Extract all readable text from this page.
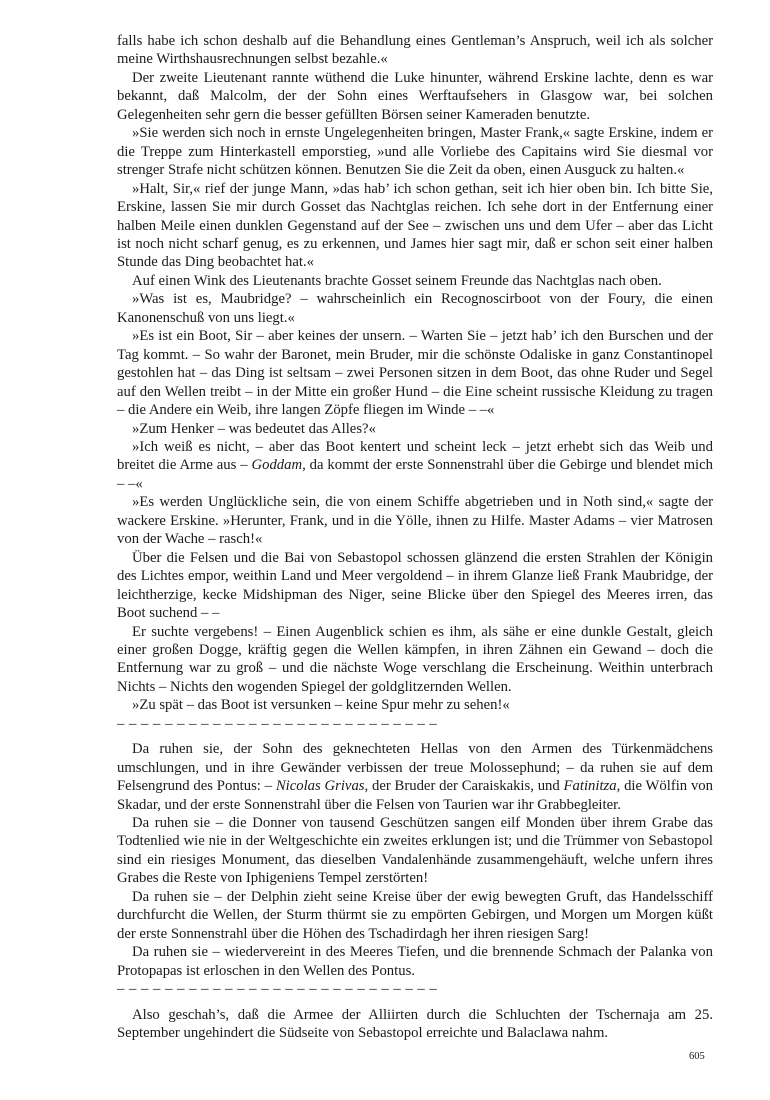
falls habe ich schon deshalb auf die Behandlung eines Gentleman’s Anspruch, weil ich als solcher meine Wirthshausrechnungen selbst bezahle.«

Der zweite Lieutenant rannte wüthend die Luke hinunter, während Erskine lachte, denn es war bekannt, daß Malcolm, der der Sohn eines Werftaufsehers in Glasgow war, bei solchen Gelegenheiten sehr gern die besser gefüllten Börsen seiner Kameraden benutzte.

»Sie werden sich noch in ernste Ungelegenheiten bringen, Master Frank,« sagte Erskine, indem er die Treppe zum Hinterkastell emporstieg, »und alle Vorliebe des Capitains wird Sie diesmal vor strenger Strafe nicht schützen können. Benutzen Sie die Zeit da oben, einen Ausguck zu halten.«

»Halt, Sir,« rief der junge Mann, »das hab’ ich schon gethan, seit ich hier oben bin. Ich bitte Sie, Erskine, lassen Sie mir durch Gosset das Nachtglas reichen. Ich sehe dort in der Entfernung einer halben Meile einen dunklen Gegenstand auf der See – zwischen uns und dem Ufer – aber das Licht ist noch nicht scharf genug, es zu erkennen, und James hier sagt mir, daß er schon seit einer halben Stunde das Ding beobachtet hat.«

Auf einen Wink des Lieutenants brachte Gosset seinem Freunde das Nachtglas nach oben.

»Was ist es, Maubridge? – wahrscheinlich ein Recognoscirboot von der Foury, die einen Kanonenschuß von uns liegt.«

»Es ist ein Boot, Sir – aber keines der unsern. – Warten Sie – jetzt hab’ ich den Burschen und der Tag kommt. – So wahr der Baronet, mein Bruder, mir die schönste Odaliske in ganz Constantinopel gestohlen hat – das Ding ist seltsam – zwei Personen sitzen in dem Boot, das ohne Ruder und Segel auf den Wellen treibt – in der Mitte ein großer Hund – die Eine scheint russische Kleidung zu tragen – die Andere ein Weib, ihre langen Zöpfe fliegen im Winde – –«

»Zum Henker – was bedeutet das Alles?«

»Ich weiß es nicht, – aber das Boot kentert und scheint leck – jetzt erhebt sich das Weib und breitet die Arme aus – Goddam, da kommt der erste Sonnenstrahl über die Gebirge und blendet mich – –«

»Es werden Unglückliche sein, die von einem Schiffe abgetrieben und in Noth sind,« sagte der wackere Erskine. »Herunter, Frank, und in die Yölle, ihnen zu Hilfe. Master Adams – vier Matrosen von der Wache – rasch!«

Über die Felsen und die Bai von Sebastopol schossen glänzend die ersten Strahlen der Königin des Lichtes empor, weithin Land und Meer vergoldend – in ihrem Glanze ließ Frank Maubridge, der leichtherzige, kecke Midshipman des Niger, seine Blicke über den Spiegel des Meeres irren, das Boot suchend – –

Er suchte vergebens! – Einen Augenblick schien es ihm, als sähe er eine dunkle Gestalt, gleich einer großen Dogge, kräftig gegen die Wellen kämpfen, in ihren Zähnen ein Gewand – doch die Entfernung war zu groß – und die nächste Woge verschlang die Erscheinung. Weithin unterbrach Nichts – Nichts den wogenden Spiegel der goldglitzernden Wellen.

»Zu spät – das Boot ist versunken – keine Spur mehr zu sehen!«

– – – – – – – – – – – – – – – – – – – – – – – – – – –

Da ruhen sie, der Sohn des geknechteten Hellas von den Armen des Türkenmädchens umschlungen, und in ihre Gewänder verbissen der treue Molossерhund; – da ruhen sie auf dem Felsengrund des Pontus: – Nicolas Grivas, der Bruder der Caraiskakis, und Fatinitza, die Wölfin von Skadar, und der erste Sonnenstrahl über die Felsen von Taurien war ihr Grabbegleiter.

Da ruhen sie – die Donner von tausend Geschützen sangen eilf Monden über ihrem Grabe das Todtenlied wie nie in der Weltgeschichte ein zweites erklungen ist; und die Trümmer von Sebastopol sind ein riesiges Monument, das dieselben Vandalenhände zusammengehäuft, welche unfern ihres Grabes die Reste von Iphigeniens Tempel zerstörten!

Da ruhen sie – der Delphin zieht seine Kreise über der ewig bewegten Gruft, das Handelsschiff durchfurcht die Wellen, der Sturm thürmt sie zu empörten Gebirgen, und Morgen um Morgen küßt der erste Sonnenstrahl über die Höhen des Tschadirdagh her ihren riesigen Sarg!

Da ruhen sie – wiedervereint in des Meeres Tiefen, und die brennende Schmach der Palanka von Protopapas ist erloschen in den Wellen des Pontus.

– – – – – – – – – – – – – – – – – – – – – – – – – – –

Also geschah’s, daß die Armee der Alliirten durch die Schluchten der Tschernaja am 25. September ungehindert die Südseite von Sebastopol erreichte und Balaclawa nahm.

605
